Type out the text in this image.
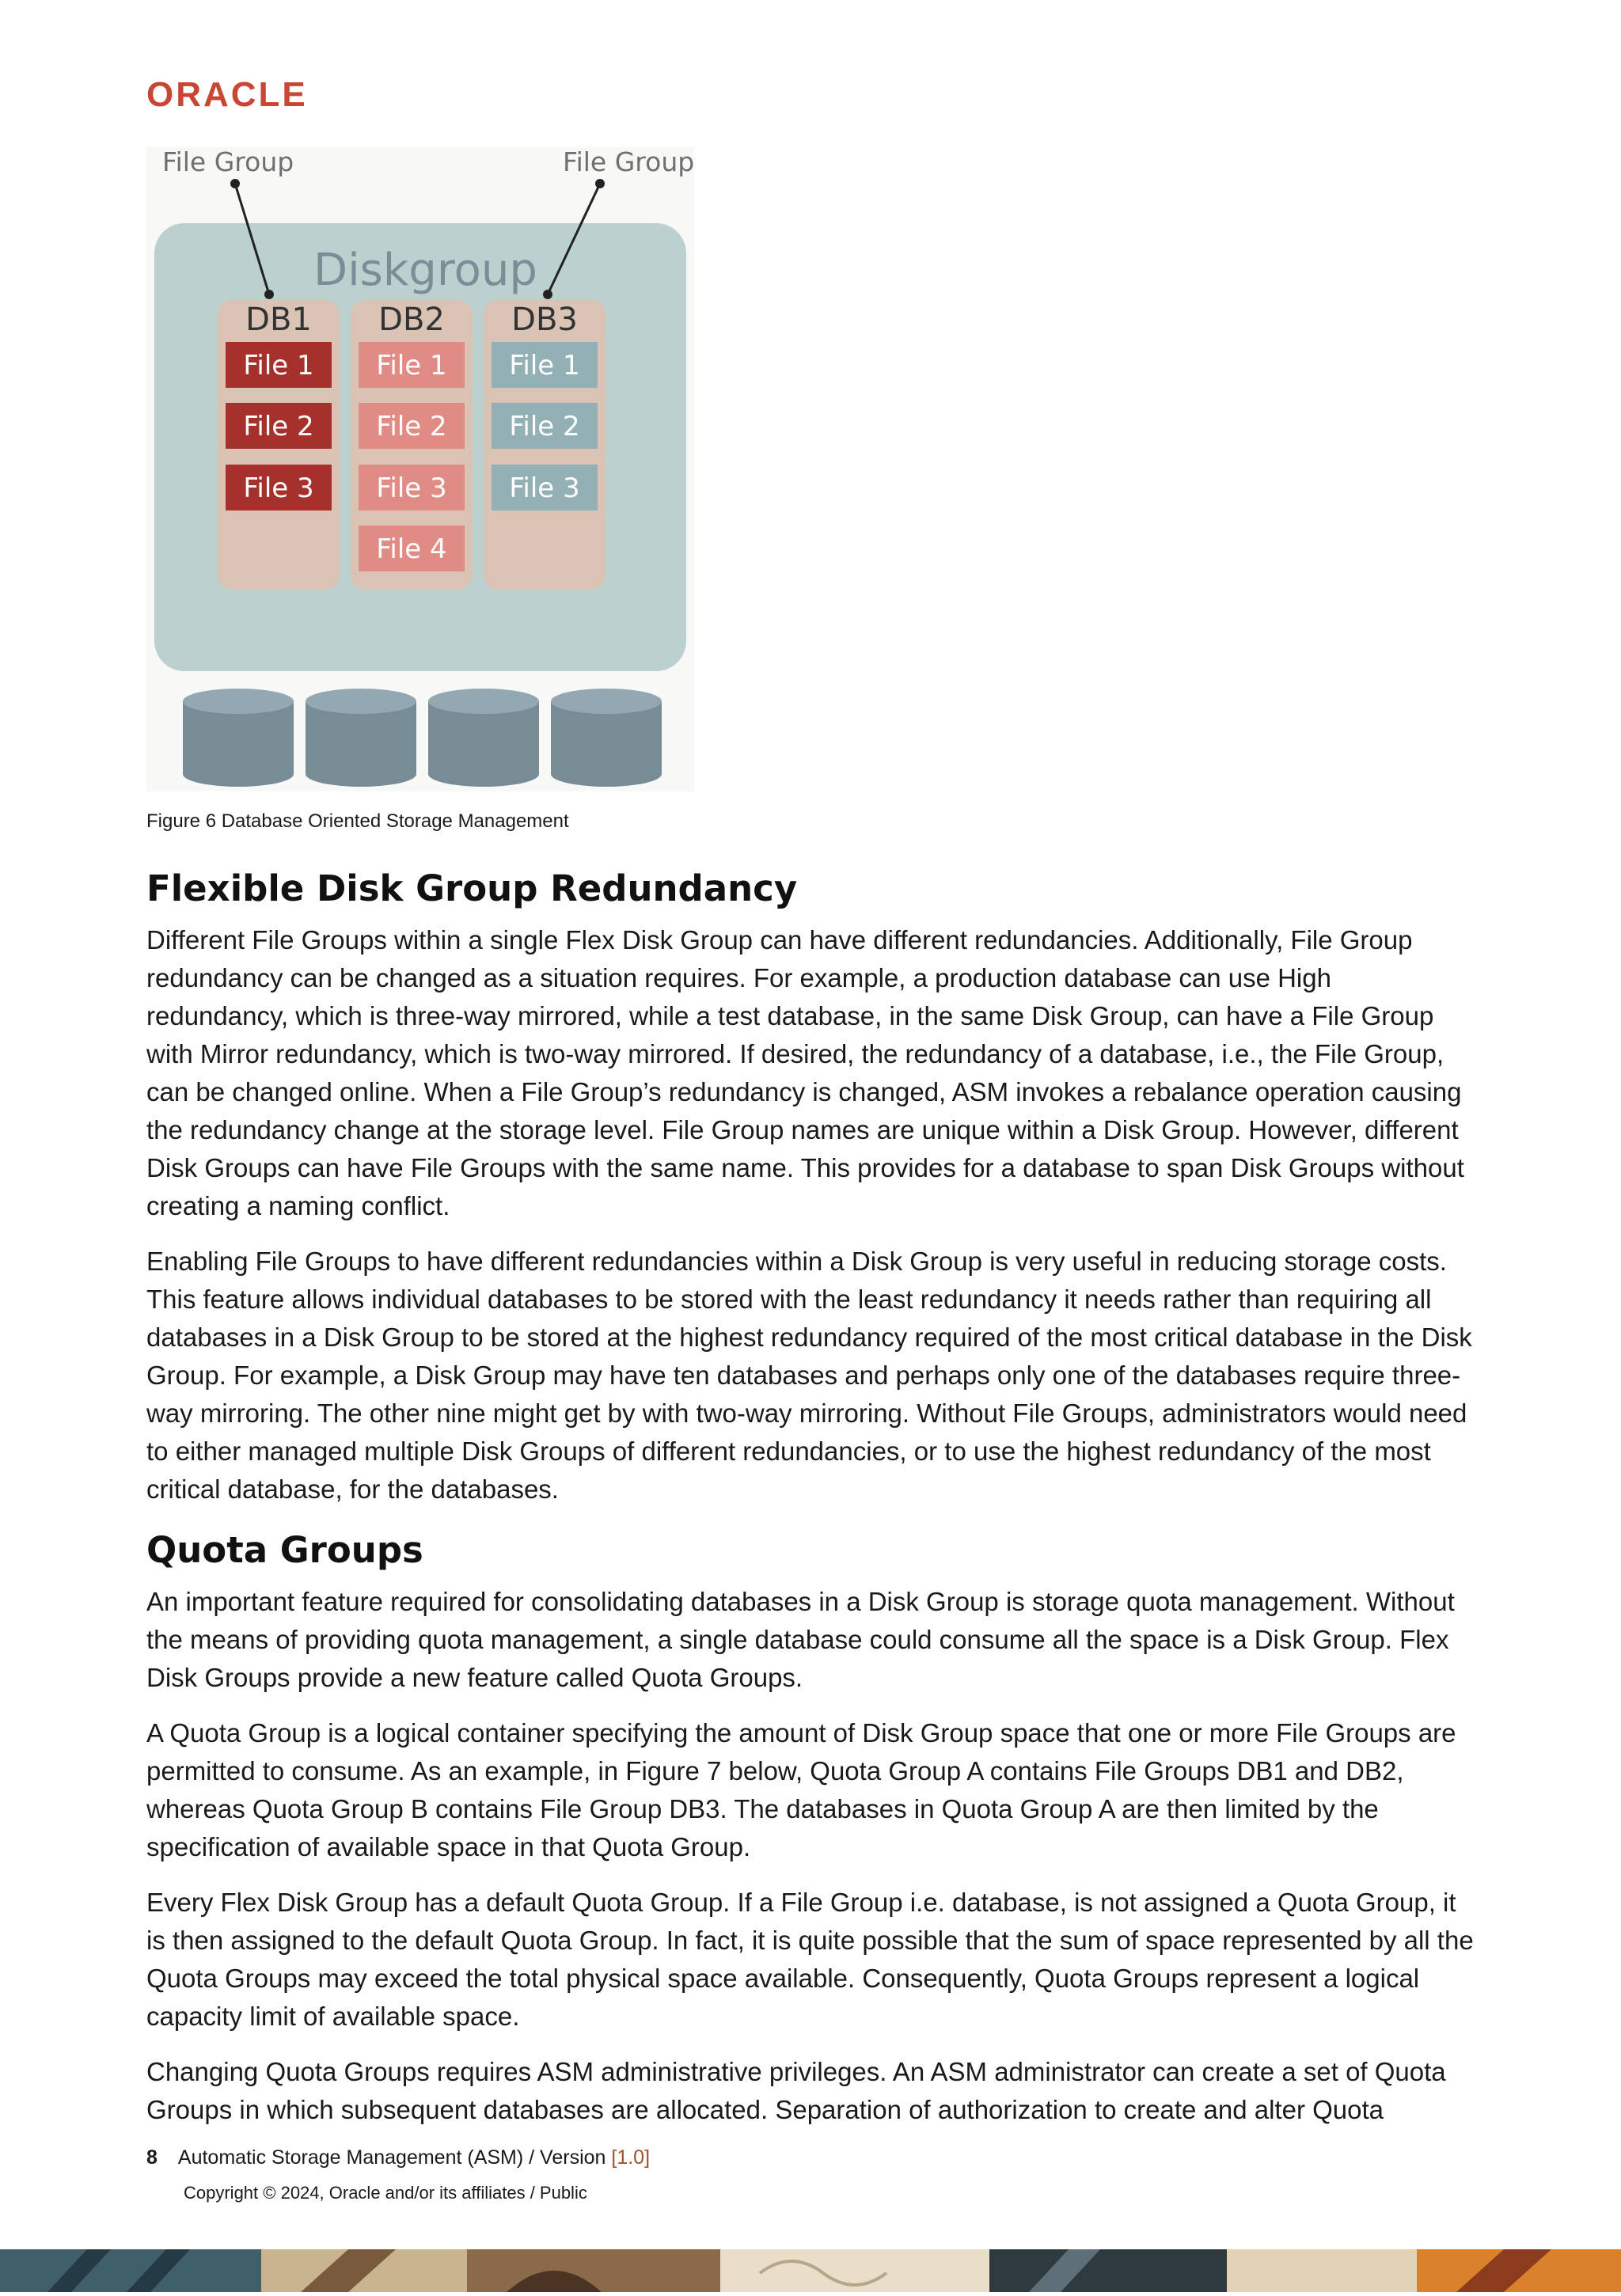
ORACLE
File Group	File Group
Diskgroup
DB1 DB2 DB3
File 1
File 2
File 3
File 1
File 2
File 3
File 4
File 1
File 2
File 3
Figure 6 Database Oriented Storage Management
Flexible Disk Group Redundancy

Different File Groups within a single Flex Disk Group can have different redundancies. Additionally, File Group redundancy can be changed as a situation requires. For example, a production database can use High redundancy, which is three-way mirrored, while a test database, in the same Disk Group, can have a File Group with Mirror redundancy, which is two-way mirrored. If desired, the redundancy of a database, i.e., the File Group, can be changed online. When a File Group’s redundancy is changed, ASM invokes a rebalance operation causing the redundancy change at the storage level. File Group names are unique within a Disk Group. However, different Disk Groups can have File Groups with the same name. This provides for a database to span Disk Groups without creating a naming conflict.

Enabling File Groups to have different redundancies within a Disk Group is very useful in reducing storage costs. This feature allows individual databases to be stored with the least redundancy it needs rather than requiring all databases in a Disk Group to be stored at the highest redundancy required of the most critical database in the Disk Group. For example, a Disk Group may have ten databases and perhaps only one of the databases require three-way mirroring. The other nine might get by with two-way mirroring. Without File Groups, administrators would need to either managed multiple Disk Groups of different redundancies, or to use the highest redundancy of the most critical database, for the databases.

Quota Groups

An important feature required for consolidating databases in a Disk Group is storage quota management. Without the means of providing quota management, a single database could consume all the space is a Disk Group. Flex Disk Groups provide a new feature called Quota Groups.

A Quota Group is a logical container specifying the amount of Disk Group space that one or more File Groups are permitted to consume. As an example, in Figure 7 below, Quota Group A contains File Groups DB1 and DB2, whereas Quota Group B contains File Group DB3. The databases in Quota Group A are then limited by the specification of available space in that Quota Group.

Every Flex Disk Group has a default Quota Group. If a File Group i.e. database, is not assigned a Quota Group, it is then assigned to the default Quota Group. In fact, it is quite possible that the sum of space represented by all the Quota Groups may exceed the total physical space available. Consequently, Quota Groups represent a logical capacity limit of available space.

Changing Quota Groups requires ASM administrative privileges. An ASM administrator can create a set of Quota Groups in which subsequent databases are allocated. Separation of authorization to create and alter Quota

8 Automatic Storage Management (ASM) / Version [1.0]
Copyright © 2024, Oracle and/or its affiliates / Public
